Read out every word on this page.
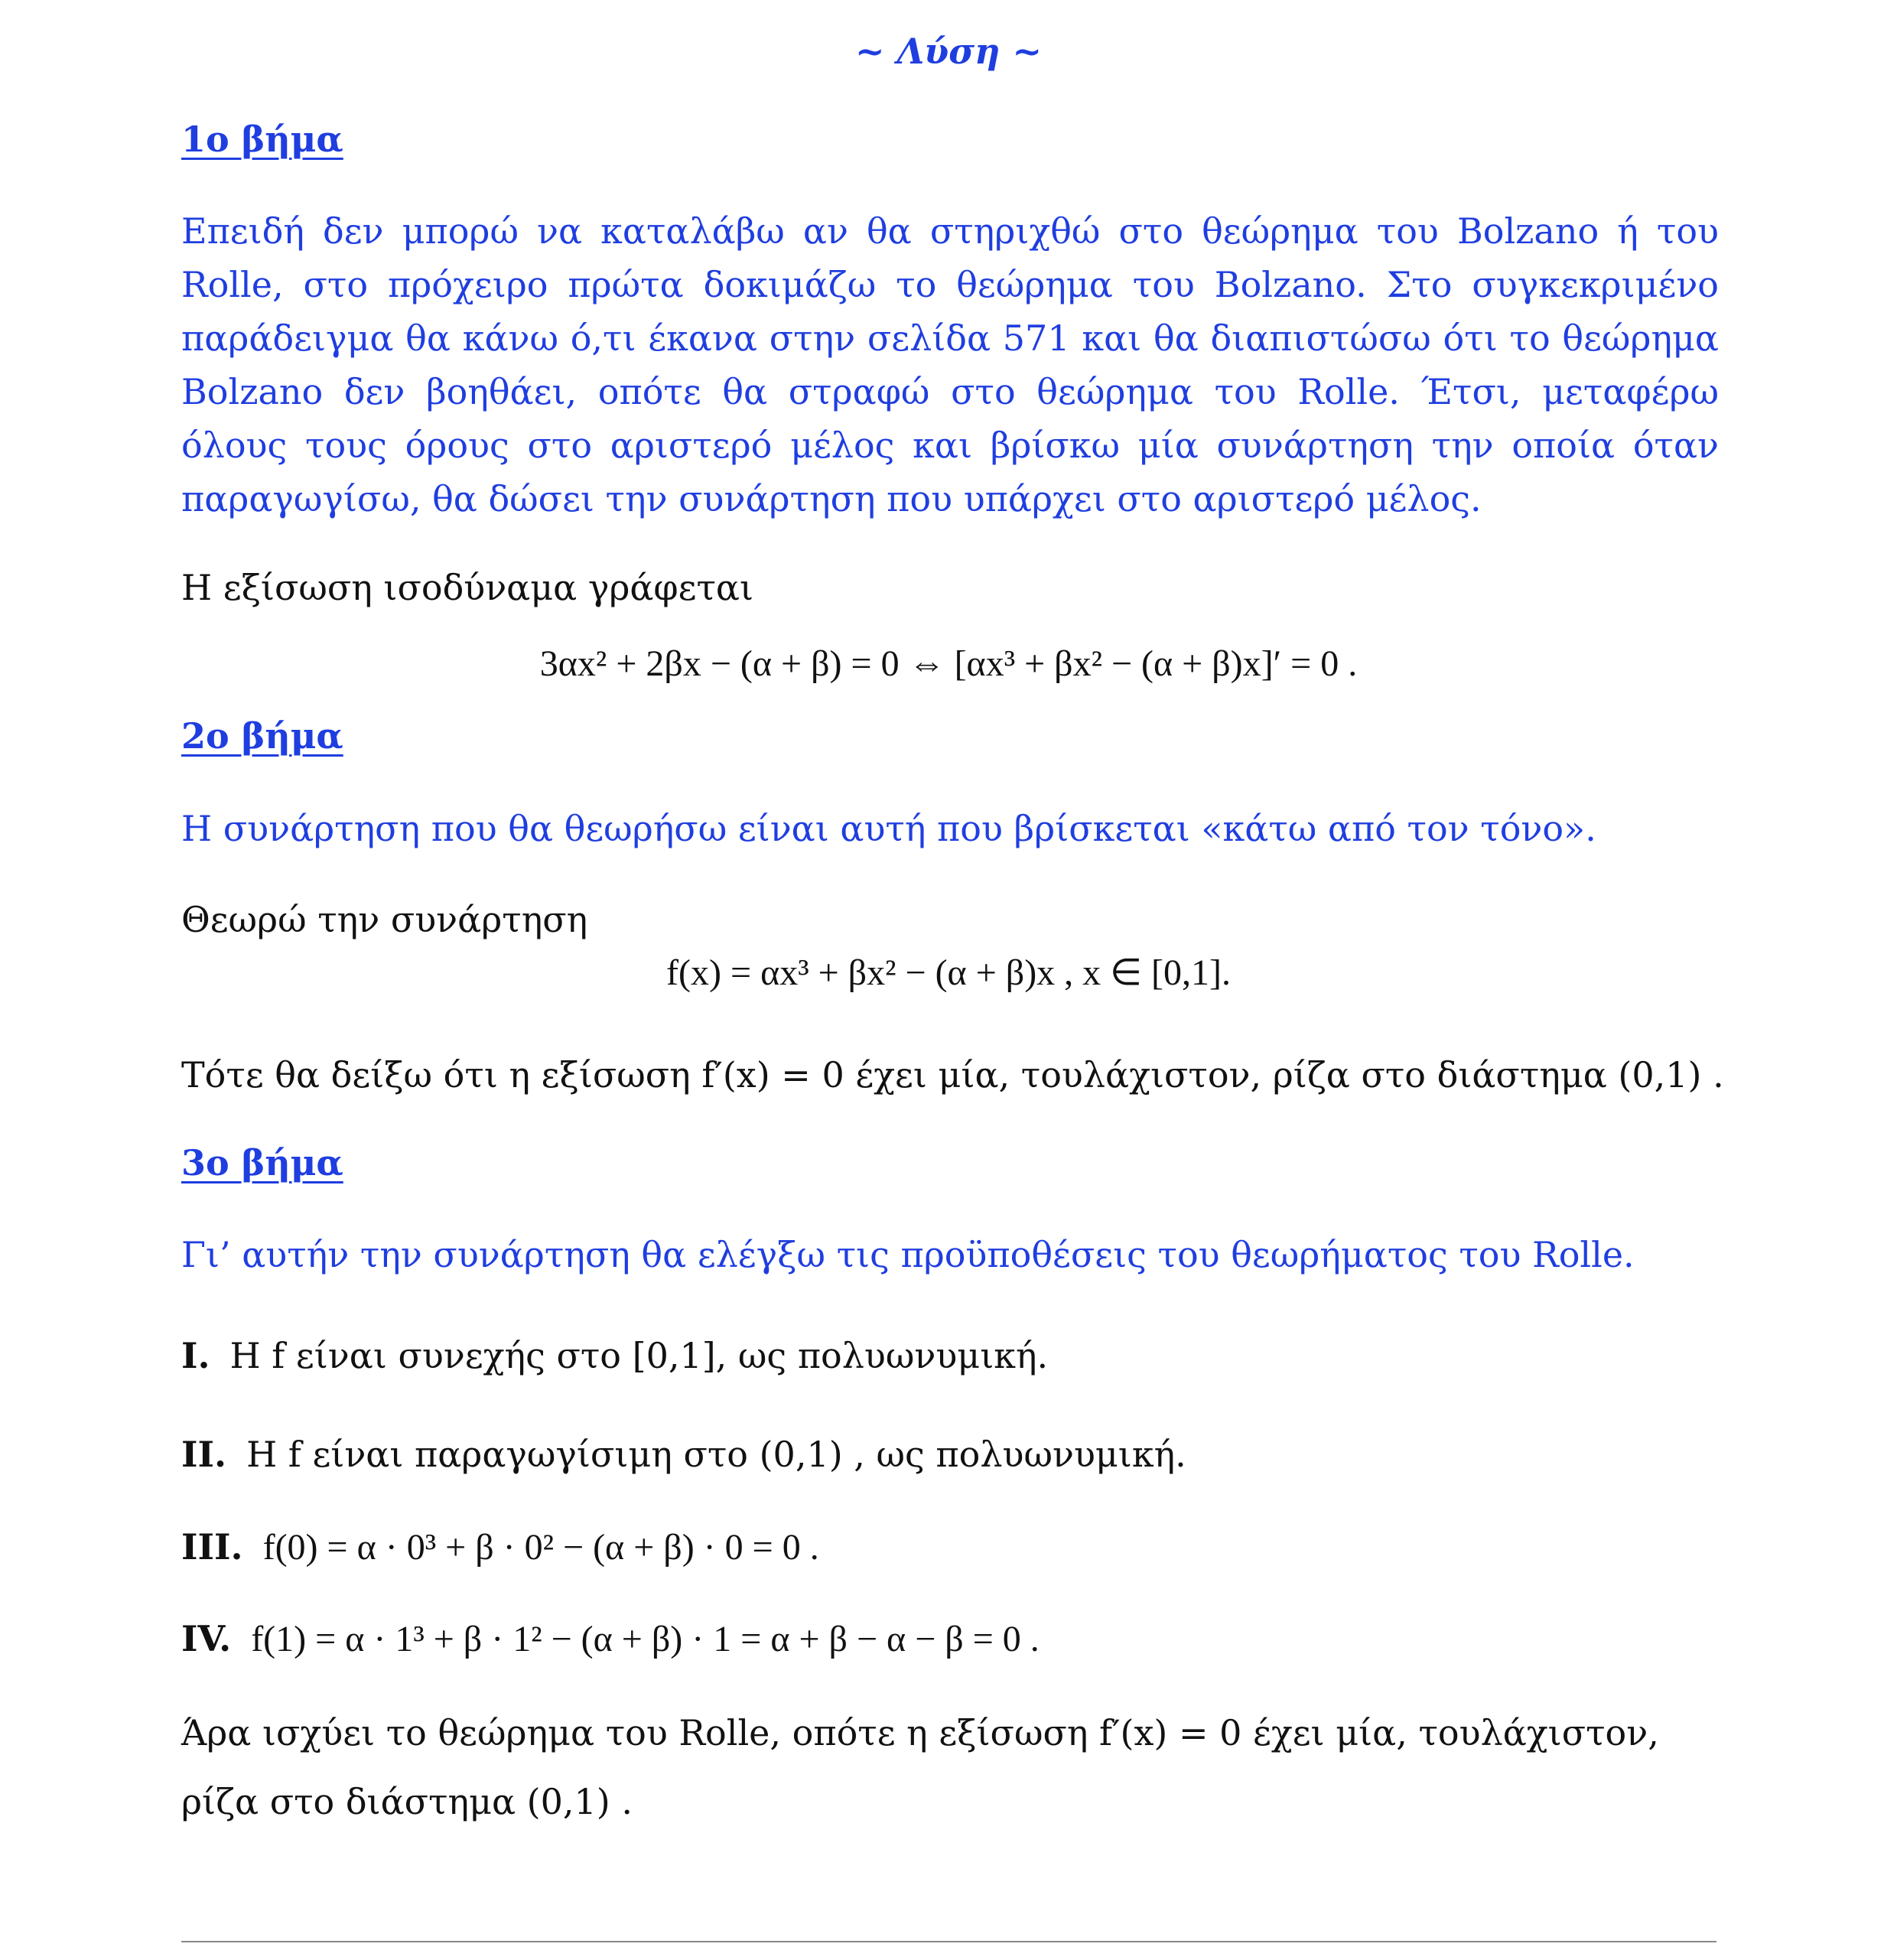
~ Λύση ~
1ο βήμα
Επειδή δεν μπορώ να καταλάβω αν θα στηριχθώ στο θεώρημα του Bolzano ή του Rolle, στο πρόχειρο πρώτα δοκιμάζω το θεώρημα του Bolzano. Στο συγκεκριμένο παράδειγμα θα κάνω ό,τι έκανα στην σελίδα 571 και θα διαπιστώσω ότι το θεώρημα Bolzano δεν βοηθάει, οπότε θα στραφώ στο θεώρημα του Rolle. Έτσι, μεταφέρω όλους τους όρους στο αριστερό μέλος και βρίσκω μία συνάρτηση την οποία όταν παραγωγίσω, θα δώσει την συνάρτηση που υπάρχει στο αριστερό μέλος.
Η εξίσωση ισοδύναμα γράφεται
3αx² + 2βx − (α + β) = 0 ⇔ [αx³ + βx² − (α + β)x]′ = 0 .
2ο βήμα
Η συνάρτηση που θα θεωρήσω είναι αυτή που βρίσκεται «κάτω από τον τόνο».
Θεωρώ την συνάρτηση
f(x) = αx³ + βx² − (α + β)x , x ∈ [0,1].
Τότε θα δείξω ότι η εξίσωση f′(x) = 0 έχει μία, τουλάχιστον, ρίζα στο διάστημα (0,1) .
3ο βήμα
Γι’ αυτήν την συνάρτηση θα ελέγξω τις προϋποθέσεις του θεωρήματος του Rolle.
I. Η f είναι συνεχής στο [0,1], ως πολυωνυμική.
II. Η f είναι παραγωγίσιμη στο (0,1) , ως πολυωνυμική.
III. f(0) = α · 0³ + β · 0² − (α + β) · 0 = 0 .
IV. f(1) = α · 1³ + β · 1² − (α + β) · 1 = α + β − α − β = 0 .
Άρα ισχύει το θεώρημα του Rolle, οπότε η εξίσωση f′(x) = 0 έχει μία, τουλάχιστον,
ρίζα στο διάστημα (0,1) .
